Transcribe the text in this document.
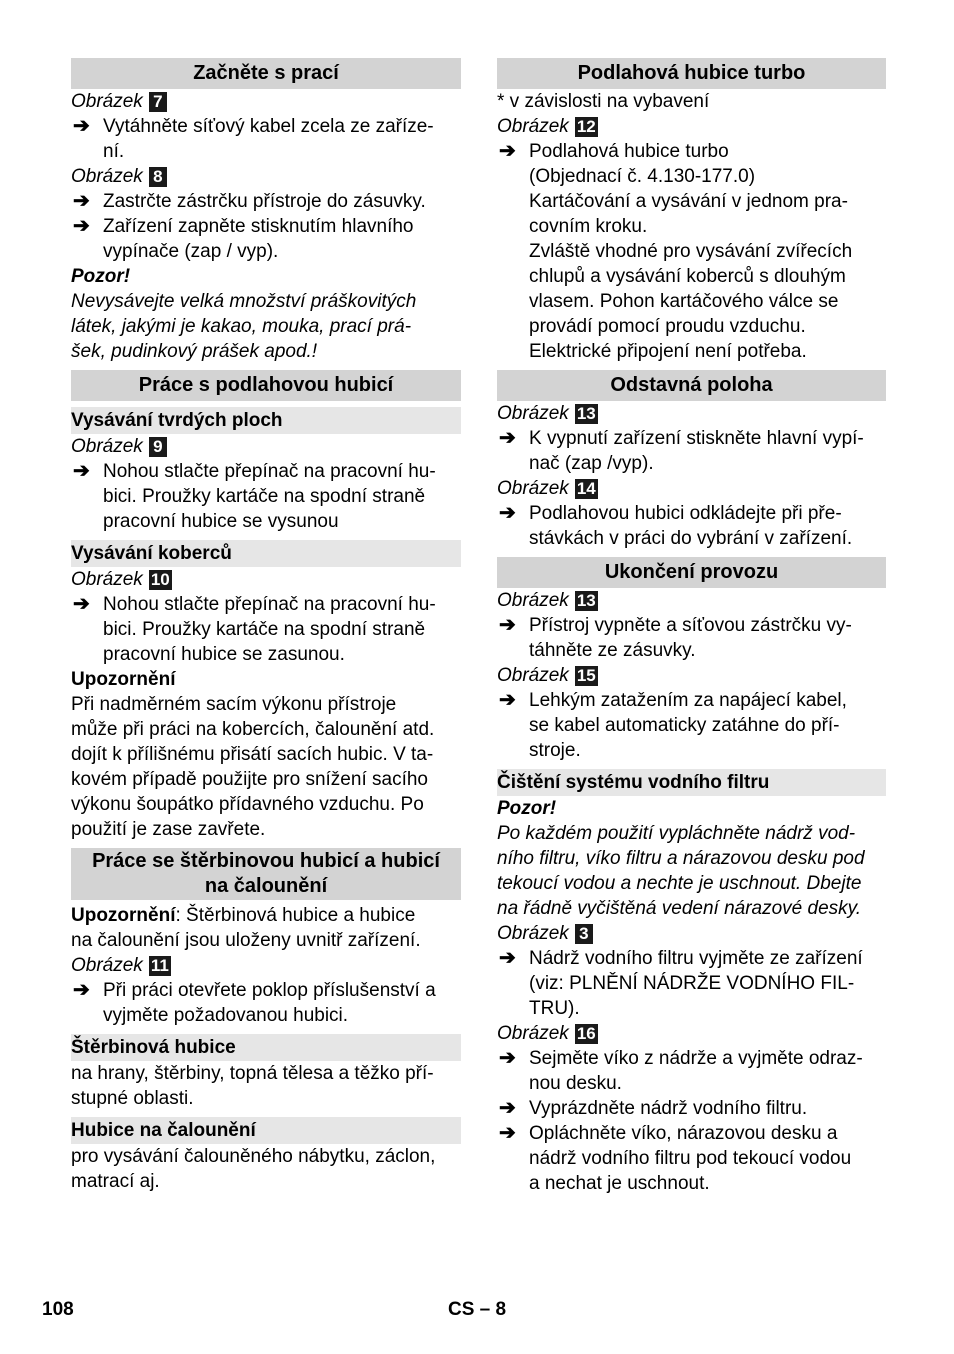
Začněte s prací
Obrázek 7
➔ Vytáhněte síťový kabel zcela ze zaříze-
ní.
Obrázek 8
➔ Zastrčte zástrčku přístroje do zásuvky.
➔ Zařízení zapněte stisknutím hlavního
vypínače (zap / vyp).
Pozor!
Nevysávejte velká množství práškovitých
látek, jakými je kakao, mouka, prací prá-
šek, pudinkový prášek apod.!
Práce s podlahovou hubicí
Vysávání tvrdých ploch
Obrázek 9
➔ Nohou stlačte přepínač na pracovní hu-
bici. Proužky kartáče na spodní straně
pracovní hubice se vysunou
Vysávání koberců
Obrázek 10
➔ Nohou stlačte přepínač na pracovní hu-
bici. Proužky kartáče na spodní straně
pracovní hubice se zasunou.
Upozornění
Při nadměrném sacím výkonu přístroje
může při práci na kobercích, čalounění atd.
dojít k přílišnému přisátí sacích hubic. V ta-
kovém případě použijte pro snížení sacího
výkonu šoupátko přídavného vzduchu. Po
použití je zase zavřete.
Práce se štěrbinovou hubicí a hubicí
na čalounění
Upozornění: Štěrbinová hubice a hubice
na čalounění jsou uloženy uvnitř zařízení.
Obrázek 11
➔ Při práci otevřete poklop příslušenství a
vyjměte požadovanou hubici.
Štěrbinová hubice
na hrany, štěrbiny, topná tělesa a těžko pří-
stupné oblasti.
Hubice na čalounění
pro vysávání čalouněného nábytku, záclon,
matrací aj.
Podlahová hubice turbo
* v závislosti na vybavení
Obrázek 12
➔ Podlahová hubice turbo
(Objednací č. 4.130-177.0)
Kartáčování a vysávání v jednom pra-
covním kroku.
Zvláště vhodné pro vysávání zvířecích
chlupů a vysávání koberců s dlouhým
vlasem. Pohon kartáčového válce se
provádí pomocí proudu vzduchu.
Elektrické připojení není potřeba.
Odstavná poloha
Obrázek 13
➔ K vypnutí zařízení stiskněte hlavní vypí-
nač (zap /vyp).
Obrázek 14
➔ Podlahovou hubici odkládejte při pře-
stávkách v práci do vybrání v zařízení.
Ukončení provozu
Obrázek 13
➔ Přístroj vypněte a síťovou zástrčku vy-
táhněte ze zásuvky.
Obrázek 15
➔ Lehkým zatažením za napájecí kabel,
se kabel automaticky zatáhne do pří-
stroje.
Čištění systému vodního filtru
Pozor!
Po každém použití vypláchněte nádrž vod-
ního filtru, víko filtru a nárazovou desku pod
tekoucí vodou a nechte je uschnout. Dbejte
na řádně vyčištěná vedení nárazové desky.
Obrázek 3
➔ Nádrž vodního filtru vyjměte ze zařízení
(viz: PLNĚNÍ NÁDRŽE VODNÍHO FIL-
TRU).
Obrázek 16
➔ Sejměte víko z nádrže a vyjměte odraz-
nou desku.
➔ Vyprázdněte nádrž vodního filtru.
➔ Opláchněte víko, nárazovou desku a
nádrž vodního filtru pod tekoucí vodou
a nechat je uschnout.
108	CS – 8
